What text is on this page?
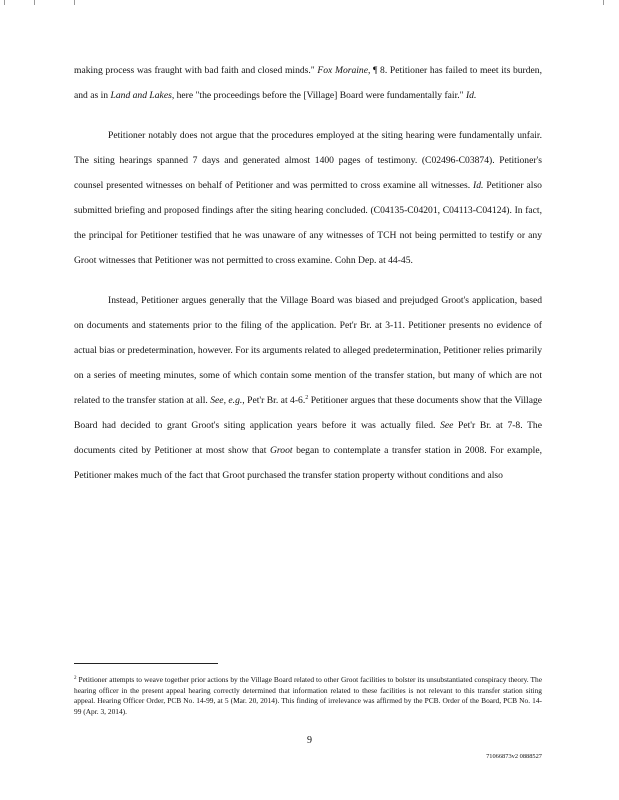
making process was fraught with bad faith and closed minds." Fox Moraine, ¶ 8. Petitioner has failed to meet its burden, and as in Land and Lakes, here "the proceedings before the [Village] Board were fundamentally fair." Id.

Petitioner notably does not argue that the procedures employed at the siting hearing were fundamentally unfair. The siting hearings spanned 7 days and generated almost 1400 pages of testimony. (C02496-C03874). Petitioner's counsel presented witnesses on behalf of Petitioner and was permitted to cross examine all witnesses. Id. Petitioner also submitted briefing and proposed findings after the siting hearing concluded. (C04135-C04201, C04113-C04124). In fact, the principal for Petitioner testified that he was unaware of any witnesses of TCH not being permitted to testify or any Groot witnesses that Petitioner was not permitted to cross examine. Cohn Dep. at 44-45.

Instead, Petitioner argues generally that the Village Board was biased and prejudged Groot's application, based on documents and statements prior to the filing of the application. Pet'r Br. at 3-11. Petitioner presents no evidence of actual bias or predetermination, however. For its arguments related to alleged predetermination, Petitioner relies primarily on a series of meeting minutes, some of which contain some mention of the transfer station, but many of which are not related to the transfer station at all. See, e.g., Pet'r Br. at 4-6.$^2$ Petitioner argues that these documents show that the Village Board had decided to grant Groot's siting application years before it was actually filed. See Pet'r Br. at 7-8. The documents cited by Petitioner at most show that Groot began to contemplate a transfer station in 2008. For example, Petitioner makes much of the fact that Groot purchased the transfer station property without conditions and also

$^2$ Petitioner attempts to weave together prior actions by the Village Board related to other Groot facilities to bolster its unsubstantiated conspiracy theory. The hearing officer in the present appeal hearing correctly determined that information related to these facilities is not relevant to this transfer station siting appeal. Hearing Officer Order, PCB No. 14-99, at 5 (Mar. 20, 2014). This finding of irrelevance was affirmed by the PCB. Order of the Board, PCB No. 14-99 (Apr. 3, 2014).

9
71066873v2 0888527
